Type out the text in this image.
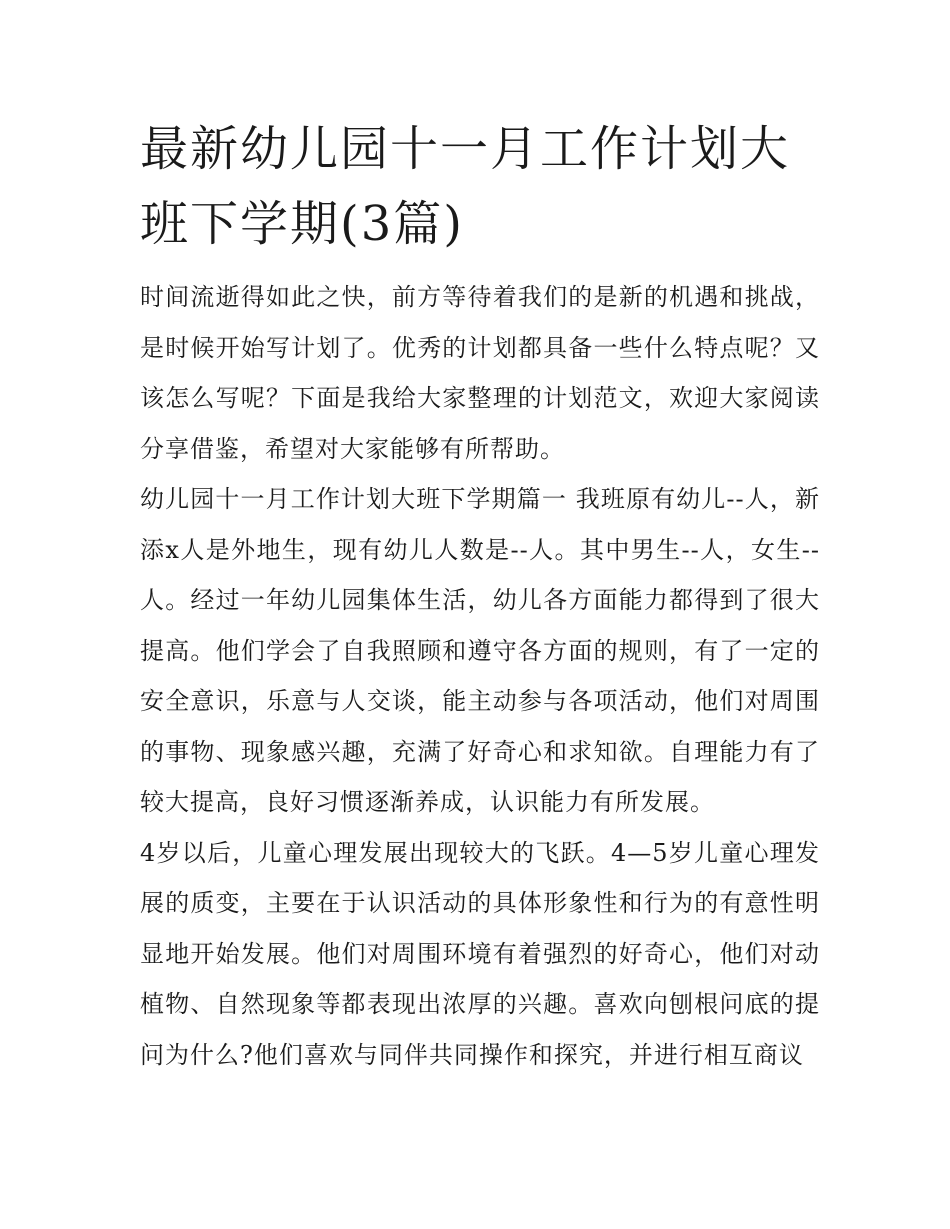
最新幼儿园十一月工作计划大班下学期(3篇)

时间流逝得如此之快，前方等待着我们的是新的机遇和挑战，是时候开始写计划了。优秀的计划都具备一些什么特点呢？又该怎么写呢？下面是我给大家整理的计划范文，欢迎大家阅读分享借鉴，希望对大家能够有所帮助。

幼儿园十一月工作计划大班下学期篇一 我班原有幼儿--人，新添x人是外地生，现有幼儿人数是--人。其中男生--人，女生--人。经过一年幼儿园集体生活，幼儿各方面能力都得到了很大提高。他们学会了自我照顾和遵守各方面的规则，有了一定的安全意识，乐意与人交谈，能主动参与各项活动，他们对周围的事物、现象感兴趣，充满了好奇心和求知欲。自理能力有了较大提高，良好习惯逐渐养成，认识能力有所发展。

4岁以后，儿童心理发展出现较大的飞跃。4—5岁儿童心理发展的质变，主要在于认识活动的具体形象性和行为的有意性明显地开始发展。他们对周围环境有着强烈的好奇心，他们对动植物、自然现象等都表现出浓厚的兴趣。喜欢向刨根问底的提问为什么?他们喜欢与同伴共同操作和探究，并进行相互商议
